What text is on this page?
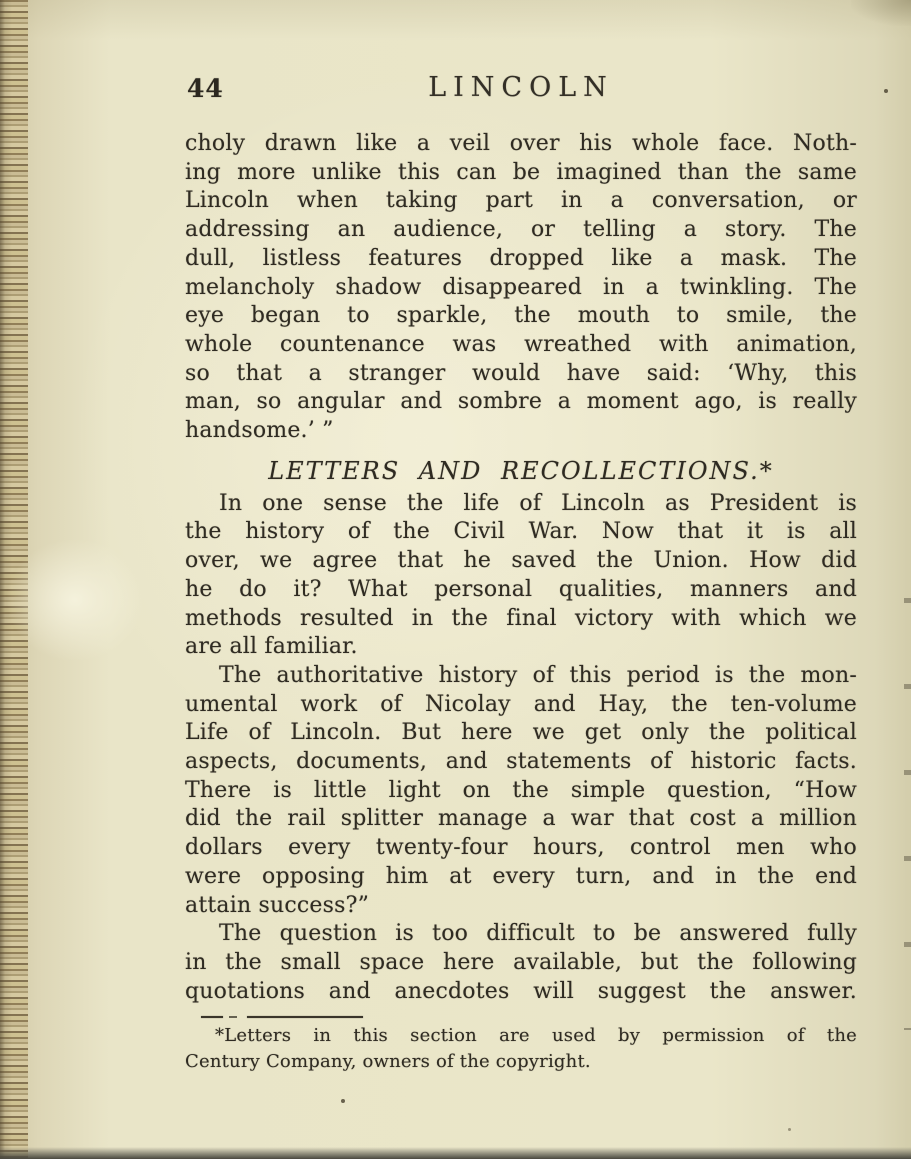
44	LINCOLN
choly drawn like a veil over his whole face. Noth-
ing more unlike this can be imagined than the same
Lincoln when taking part in a conversation, or
addressing an audience, or telling a story. The
dull, listless features dropped like a mask. The
melancholy shadow disappeared in a twinkling. The
eye began to sparkle, the mouth to smile, the
whole countenance was wreathed with animation,
so that a stranger would have said: ‘Why, this
man, so angular and sombre a moment ago, is really
handsome.’ ”
LETTERS AND RECOLLECTIONS.*
In one sense the life of Lincoln as President is
the history of the Civil War. Now that it is all
over, we agree that he saved the Union. How did
he do it? What personal qualities, manners and
methods resulted in the final victory with which we
are all familiar.
The authoritative history of this period is the mon-
umental work of Nicolay and Hay, the ten-volume
Life of Lincoln. But here we get only the political
aspects, documents, and statements of historic facts.
There is little light on the simple question, “How
did the rail splitter manage a war that cost a million
dollars every twenty-four hours, control men who
were opposing him at every turn, and in the end
attain success?”
The question is too difficult to be answered fully
in the small space here available, but the following
quotations and anecdotes will suggest the answer.
*Letters in this section are used by permission of the
Century Company, owners of the copyright.
